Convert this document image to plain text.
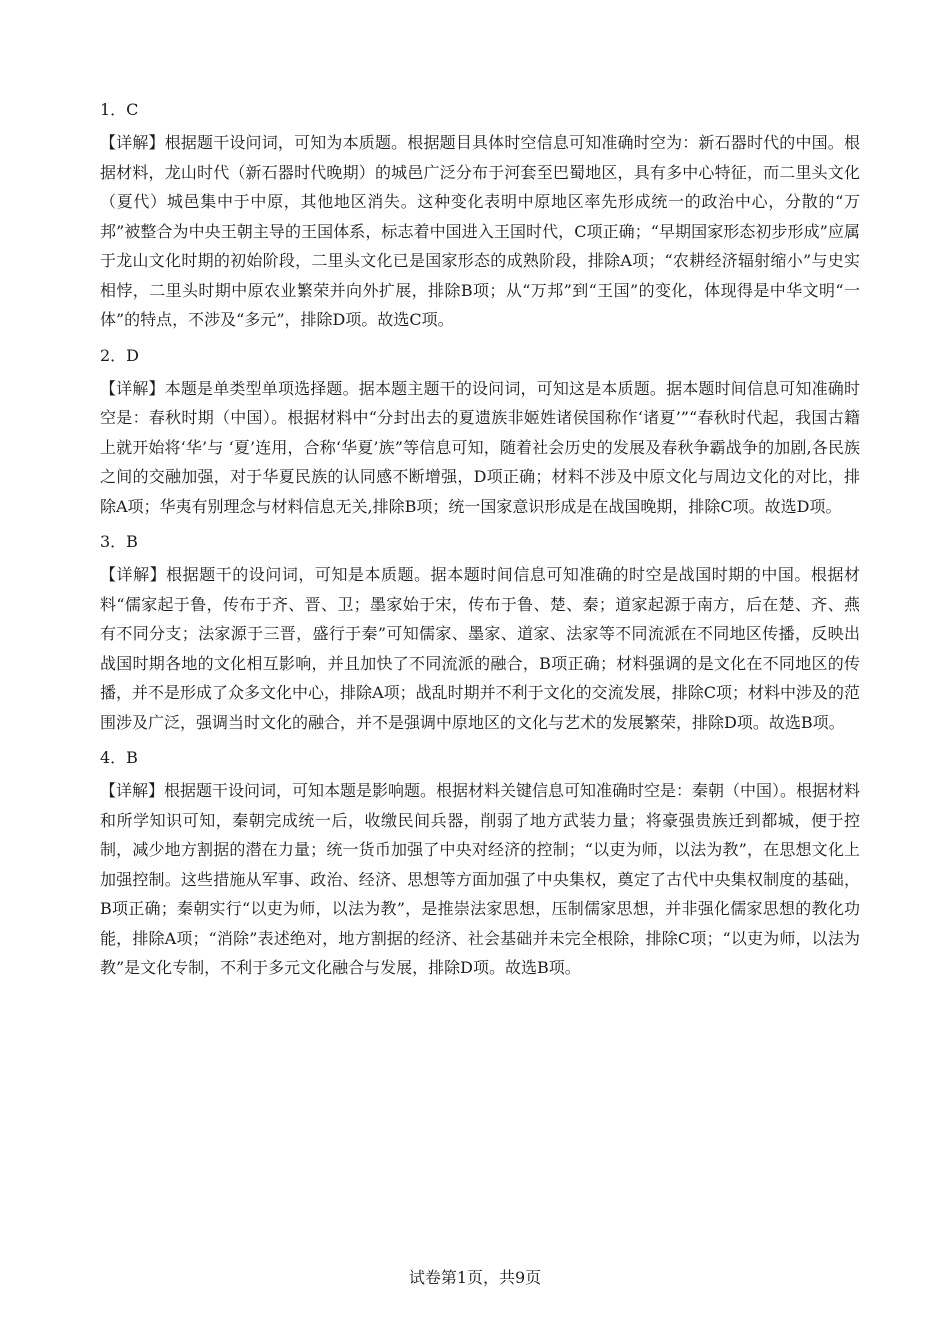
1．C

【详解】根据题干设问词，可知为本质题。根据题目具体时空信息可知准确时空为：新石器时代的中国。根据材料，龙山时代（新石器时代晚期）的城邑广泛分布于河套至巴蜀地区，具有多中心特征，而二里头文化（夏代）城邑集中于中原，其他地区消失。这种变化表明中原地区率先形成统一的政治中心，分散的“万邦”被整合为中央王朝主导的王国体系，标志着中国进入王国时代，C项正确；“早期国家形态初步形成”应属于龙山文化时期的初始阶段，二里头文化已是国家形态的成熟阶段，排除A项；“农耕经济辐射缩小”与史实相悖，二里头时期中原农业繁荣并向外扩展，排除B项；从“万邦”到“王国”的变化，体现得是中华文明“一体”的特点，不涉及“多元”，排除D项。故选C项。

2．D

【详解】本题是单类型单项选择题。据本题主题干的设问词，可知这是本质题。据本题时间信息可知准确时空是：春秋时期（中国）。根据材料中“分封出去的夏遗族非姬姓诸侯国称作‘诸夏’”“春秋时代起，我国古籍上就开始将‘华’与 ‘夏’连用，合称‘华夏’族”等信息可知，随着社会历史的发展及春秋争霸战争的加剧,各民族之间的交融加强，对于华夏民族的认同感不断增强，D项正确；材料不涉及中原文化与周边文化的对比，排除A项；华夷有别理念与材料信息无关,排除B项；统一国家意识形成是在战国晚期，排除C项。故选D项。

3．B

【详解】根据题干的设问词，可知是本质题。据本题时间信息可知准确的时空是战国时期的中国。根据材料“儒家起于鲁，传布于齐、晋、卫；墨家始于宋，传布于鲁、楚、秦；道家起源于南方，后在楚、齐、燕有不同分支；法家源于三晋，盛行于秦”可知儒家、墨家、道家、法家等不同流派在不同地区传播，反映出战国时期各地的文化相互影响，并且加快了不同流派的融合，B项正确；材料强调的是文化在不同地区的传播，并不是形成了众多文化中心，排除A项；战乱时期并不利于文化的交流发展，排除C项；材料中涉及的范围涉及广泛，强调当时文化的融合，并不是强调中原地区的文化与艺术的发展繁荣，排除D项。故选B项。

4．B

【详解】根据题干设问词，可知本题是影响题。根据材料关键信息可知准确时空是：秦朝（中国）。根据材料和所学知识可知，秦朝完成统一后，收缴民间兵器，削弱了地方武装力量；将豪强贵族迁到都城，便于控制，减少地方割据的潜在力量；统一货币加强了中央对经济的控制；“以吏为师，以法为教”，在思想文化上加强控制。这些措施从军事、政治、经济、思想等方面加强了中央集权，奠定了古代中央集权制度的基础，B项正确；秦朝实行“以吏为师，以法为教”，是推崇法家思想，压制儒家思想，并非强化儒家思想的教化功能，排除A项；“消除”表述绝对，地方割据的经济、社会基础并未完全根除，排除C项；“以吏为师，以法为教”是文化专制，不利于多元文化融合与发展，排除D项。故选B项。

试卷第1页，共9页
